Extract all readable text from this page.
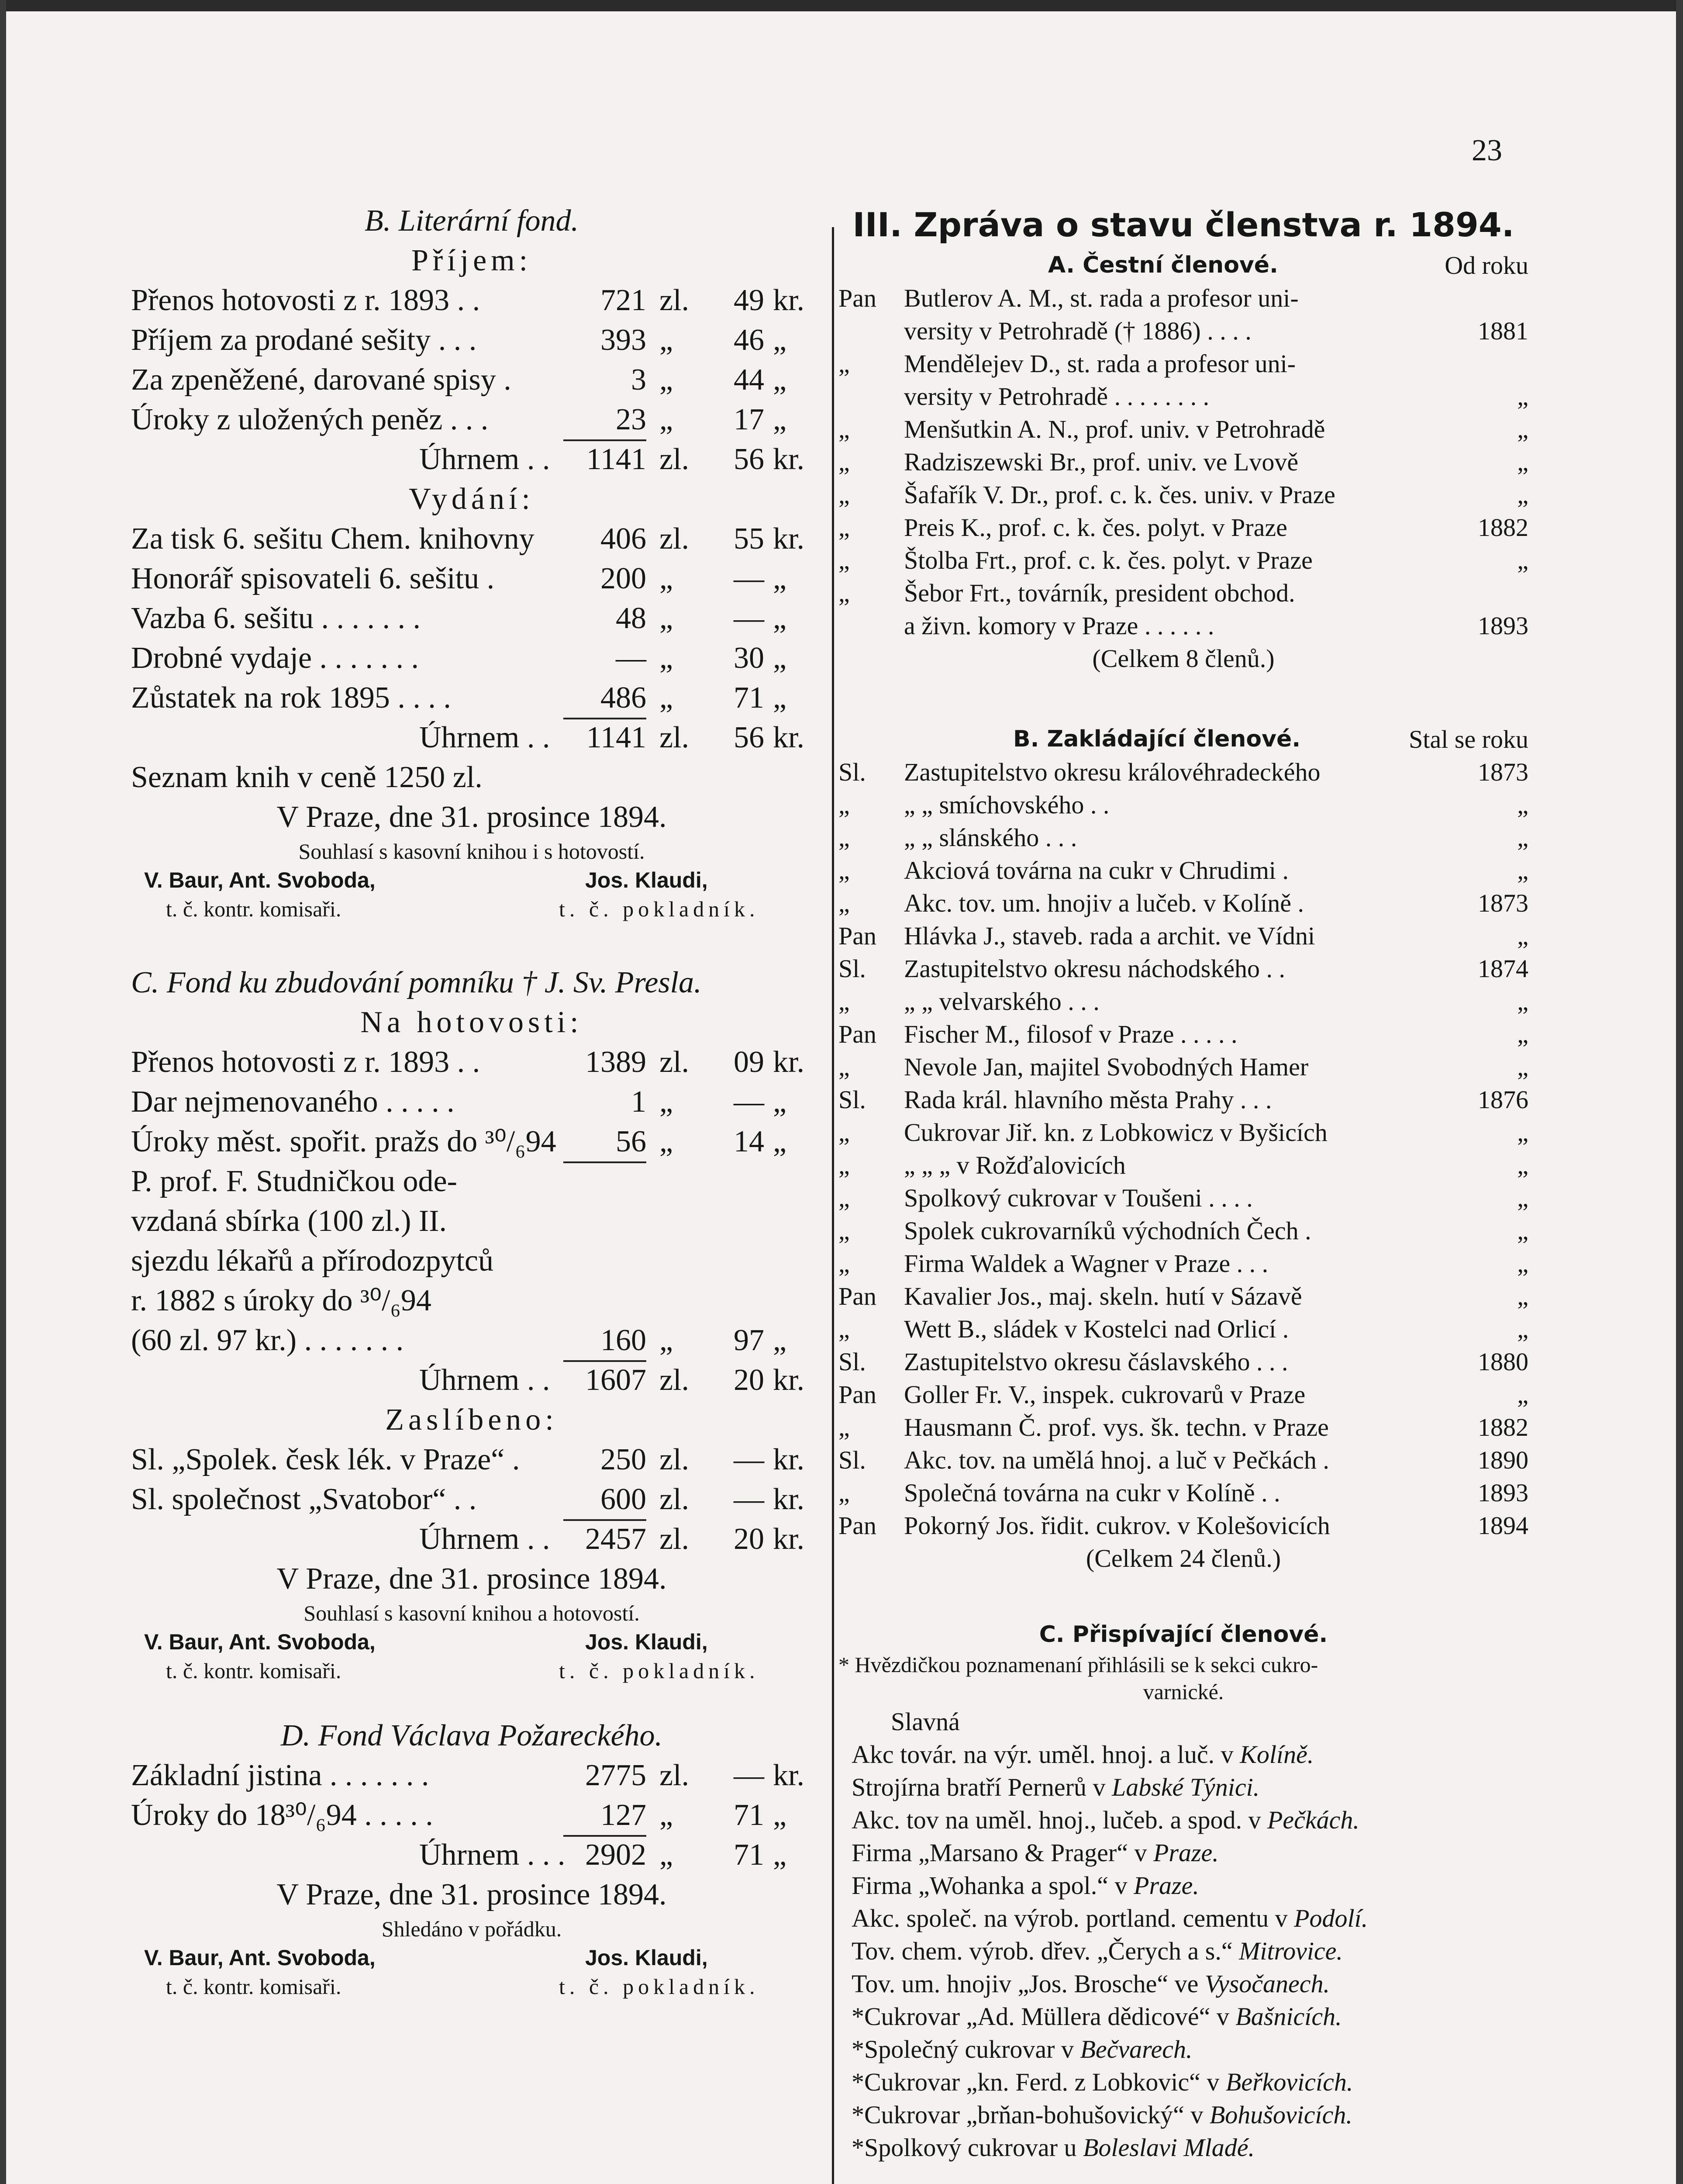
23
B. Literární fond.
Příjem:
Přenos hotovosti z r. 1893 . .	721 zl.	49 kr.
Příjem za prodané sešity . . .	393 „	46 „
Za zpeněžené, darované spisy .	3 „	44 „
Úroky z uložených peněz . . .	23 „	17 „
Úhrnem . .	1141 zl.	56 kr.
Vydání:
Za tisk 6. sešitu Chem. knihovny	406 zl.	55 kr.
Honorář spisovateli 6. sešitu .	200 „	— „
Vazba 6. sešitu . . . . . . .	48 „	— „
Drobné vydaje . . . . . . .	— „	30 „
Zůstatek na rok 1895 . . . .	486 „	71 „
Úhrnem . .	1141 zl.	56 kr.
Seznam knih v ceně 1250 zl.
V Praze, dne 31. prosince 1894.
Souhlasí s kasovní knihou i s hotovostí.
V. Baur, Ant. Svoboda,	Jos. Klaudi,
t. č. kontr. komisaři.	t. č. pokladník.
C. Fond ku zbudování pomníku † J. Sv. Presla.
Na hotovosti:
Přenos hotovosti z r. 1893 . .	1389 zl.	09 kr.
Dar nejmenovaného . . . . .	1 „	— „
Úroky měst. spořit. pražs do ³⁰/₆94	56 „	14 „
P. prof. F. Studničkou ode-
vzdaná sbírka (100 zl.) II.
sjezdu lékařů a přírodozpytců
r. 1882 s úroky do ³⁰/₆94
(60 zl. 97 kr.) . . . . . . .	160 „	97 „
Úhrnem . .	1607 zl.	20 kr.
Zaslíbeno:
Sl. „Spolek. česk lék. v Praze“ .	250 zl.	— kr.
Sl. společnost „Svatobor“ . .	600 zl.	— kr.
Úhrnem . .	2457 zl.	20 kr.
V Praze, dne 31. prosince 1894.
Souhlasí s kasovní knihou a hotovostí.
V. Baur, Ant. Svoboda,	Jos. Klaudi,
t. č. kontr. komisaři.	t. č. pokladník.
D. Fond Václava Požareckého.
Základní jistina . . . . . . .	2775 zl.	— kr.
Úroky do 18³⁰/₆94 . . . . .	127 „	71 „
Úhrnem . . . 2902 „	71 „
V Praze, dne 31. prosince 1894.
Shledáno v pořádku.
V. Baur, Ant. Svoboda,	Jos. Klaudi,
t. č. kontr. komisaři.	t. č. pokladník.
III. Zpráva o stavu členstva r. 1894.
A. Čestní členové.	Od roku
Pan	Butlerov A. M., st. rada a profesor uni-
versity v Petrohradě († 1886) . . . .	1881
„	Mendělejev D., st. rada a profesor uni-
versity v Petrohradě . . . . . . . .	„
„	Menšutkin A. N., prof. univ. v Petrohradě	„
„	Radziszewski Br., prof. univ. ve Lvově	„
„	Šafařík V. Dr., prof. c. k. čes. univ. v Praze	„
„	Preis K., prof. c. k. čes. polyt. v Praze	1882
„	Štolba Frt., prof. c. k. čes. polyt. v Praze	„
„	Šebor Frt., továrník, president obchod.
a živn. komory v Praze . . . . . .	1893
(Celkem 8 členů.)
B. Zakládající členové.	Stal se roku
Sl.	Zastupitelstvo okresu královéhradeckého	1873
„	„ „ smíchovského . .	„
„	„ „ slánského . . .	„
„	Akciová továrna na cukr v Chrudimi .	„
„	Akc. tov. um. hnojiv a lučeb. v Kolíně .	1873
Pan	Hlávka J., staveb. rada a archit. ve Vídni	„
Sl.	Zastupitelstvo okresu náchodského . .	1874
„	„ „ velvarského . . .	„
Pan	Fischer M., filosof v Praze . . . . .	„
„	Nevole Jan, majitel Svobodných Hamer	„
Sl.	Rada král. hlavního města Prahy . . .	1876
„	Cukrovar Jiř. kn. z Lobkowicz v Byšicích	„
„	„ „ „ v Rožďalovicích	„
„	Spolkový cukrovar v Toušeni . . . .	„
„	Spolek cukrovarníků východních Čech .	„
„	Firma Waldek a Wagner v Praze . . .	„
Pan	Kavalier Jos., maj. skeln. hutí v Sázavě	„
„	Wett B., sládek v Kostelci nad Orlicí .	„
Sl.	Zastupitelstvo okresu čáslavského . . .	1880
Pan	Goller Fr. V., inspek. cukrovarů v Praze	„
„	Hausmann Č. prof. vys. šk. techn. v Praze	1882
Sl.	Akc. tov. na umělá hnoj. a luč v Pečkách .	1890
„	Společná továrna na cukr v Kolíně . .	1893
Pan	Pokorný Jos. řidit. cukrov. v Kolešovicích	1894
(Celkem 24 členů.)
C. Přispívající členové.
* Hvězdičkou poznamenaní přihlásili se k sekci cukro-
varnické.
Slavná
Akc továr. na výr. uměl. hnoj. a luč. v Kolíně.
Strojírna bratří Pernerů v Labské Týnici.
Akc. tov na uměl. hnoj., lučeb. a spod. v Pečkách.
Firma „Marsano & Prager“ v Praze.
Firma „Wohanka a spol.“ v Praze.
Akc. společ. na výrob. portland. cementu v Podolí.
Tov. chem. výrob. dřev. „Čerych a s.“ Mitrovice.
Tov. um. hnojiv „Jos. Brosche“ ve Vysočanech.
*Cukrovar „Ad. Müllera dědicové“ v Bašnicích.
*Společný cukrovar v Bečvarech.
*Cukrovar „kn. Ferd. z Lobkovic“ v Beřkovicích.
*Cukrovar „brňan-bohušovický“ v Bohušovicích.
*Spolkový cukrovar u Boleslavi Mladé.
